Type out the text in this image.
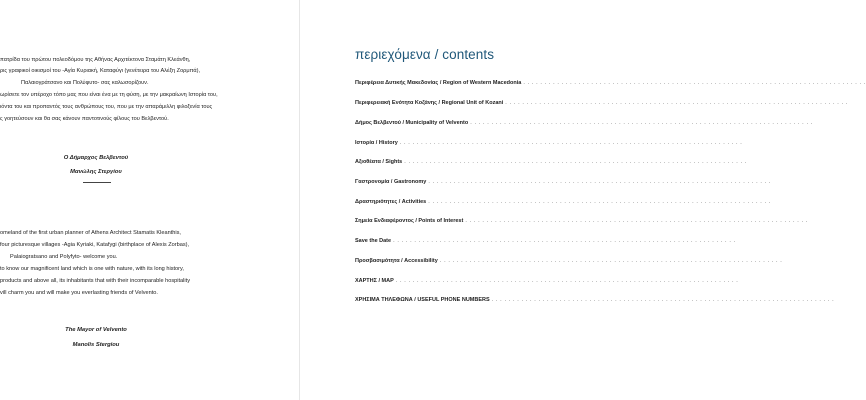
πατρίδα του πρώτου πολεοδόμου της Αθήνας Αρχιτέκτονα Σταμάτη Κλεάνθη,
ρις γραφικοί οικισμοί του -Αγία Κυριακή, Καταφύγι (γενέτειρα του Αλέξη Ζορμπά),
Παλαιογράτσανο και Πολύφυτο- σας καλωσορίζουν.
ωρίσετε τον υπέροχο τόπο μας που είναι ένα με τη φύση, με την μακραίωνη Ιστορία του,
ιόντα του και προπαντός τους ανθρώπους του, που με την απαράμιλλη φιλοξενία τους
ς γοητεύσουν και θα σας κάνουν παντοτινούς φίλους του Βελβεντού.
Ο Δήμαρχος Βελβεντού
Μανώλης Στεργίου
omeland of the first urban planner of Athens Architect Stamatis Kleanthis,
four picturesque villages -Agia Kyriaki, Katafygi (birthplace of Alexis Zorbas),
Palaiogratsano and Polyfyto- welcome you.
to know our magnificent land which is one with nature, with its long history,
products and above all, its inhabitants that with their incomparable hospitality
vill charm you and will make you everlasting friends of Velvento.
The Mayor of Velvento
Manolis Stergiou
περιεχόμενα / contents
Περιφέρεια Δυτικής Μακεδονίας / Region of Western Macedonia . . . . . . . . . . . . . . . . . . . . . . . . . . . . . . . . . . . . . . . . . . . . . . . . . . . . . . . . . . . . . . . . . . . . . . . . . . . . . . . . .
Περιφερειακή Ενότητα Κοζάνης / Regional Unit of Kozani . . . . . . . . . . . . . . . . . . . . . . . . . . . . . . . . . . . . . . . . . . . . . . . . . . . . . . . . . . . . . . . . . . . . . . . . . . . . . . . . .
Δήμος Βελβεντού / Municipality of Velvento . . . . . . . . . . . . . . . . . . . . . . . . . . . . . . . . . . . . . . . . . . . . . . . . . . . . . . . . . . . . . . . . . . . . . . . . . . . . . . . . .
Ιστορία / History . . . . . . . . . . . . . . . . . . . . . . . . . . . . . . . . . . . . . . . . . . . . . . . . . . . . . . . . . . . . . . . . . . . . . . . . . . . . . . . . .
Αξιοθέατα / Sights . . . . . . . . . . . . . . . . . . . . . . . . . . . . . . . . . . . . . . . . . . . . . . . . . . . . . . . . . . . . . . . . . . . . . . . . . . . . . . . . .
Γαστρονομία / Gastronomy . . . . . . . . . . . . . . . . . . . . . . . . . . . . . . . . . . . . . . . . . . . . . . . . . . . . . . . . . . . . . . . . . . . . . . . . . . . . . . . . .
Δραστηριότητες / Activities . . . . . . . . . . . . . . . . . . . . . . . . . . . . . . . . . . . . . . . . . . . . . . . . . . . . . . . . . . . . . . . . . . . . . . . . . . . . . . . . .
Σημεία Ενδιαφέροντος / Points of Interest . . . . . . . . . . . . . . . . . . . . . . . . . . . . . . . . . . . . . . . . . . . . . . . . . . . . . . . . . . . . . . . . . . . . . . . . . . . . . . . . .
Save the Date . . . . . . . . . . . . . . . . . . . . . . . . . . . . . . . . . . . . . . . . . . . . . . . . . . . . . . . . . . . . . . . . . . . . . . . . . . . . . . . . .
Προσβασιμότητα / Accessibility . . . . . . . . . . . . . . . . . . . . . . . . . . . . . . . . . . . . . . . . . . . . . . . . . . . . . . . . . . . . . . . . . . . . . . . . . . . . . . . . .
ΧΑΡΤΗΣ / MAP . . . . . . . . . . . . . . . . . . . . . . . . . . . . . . . . . . . . . . . . . . . . . . . . . . . . . . . . . . . . . . . . . . . . . . . . . . . . . . . . .
ΧΡΗΣΙΜΑ ΤΗΛΕΦΩΝΑ / USEFUL PHONE NUMBERS . . . . . . . . . . . . . . . . . . . . . . . . . . . . . . . . . . . . . . . . . . . . . . . . . . . . . . . . . . . . . . . . . . . . . . . . . . . . . . . . .
